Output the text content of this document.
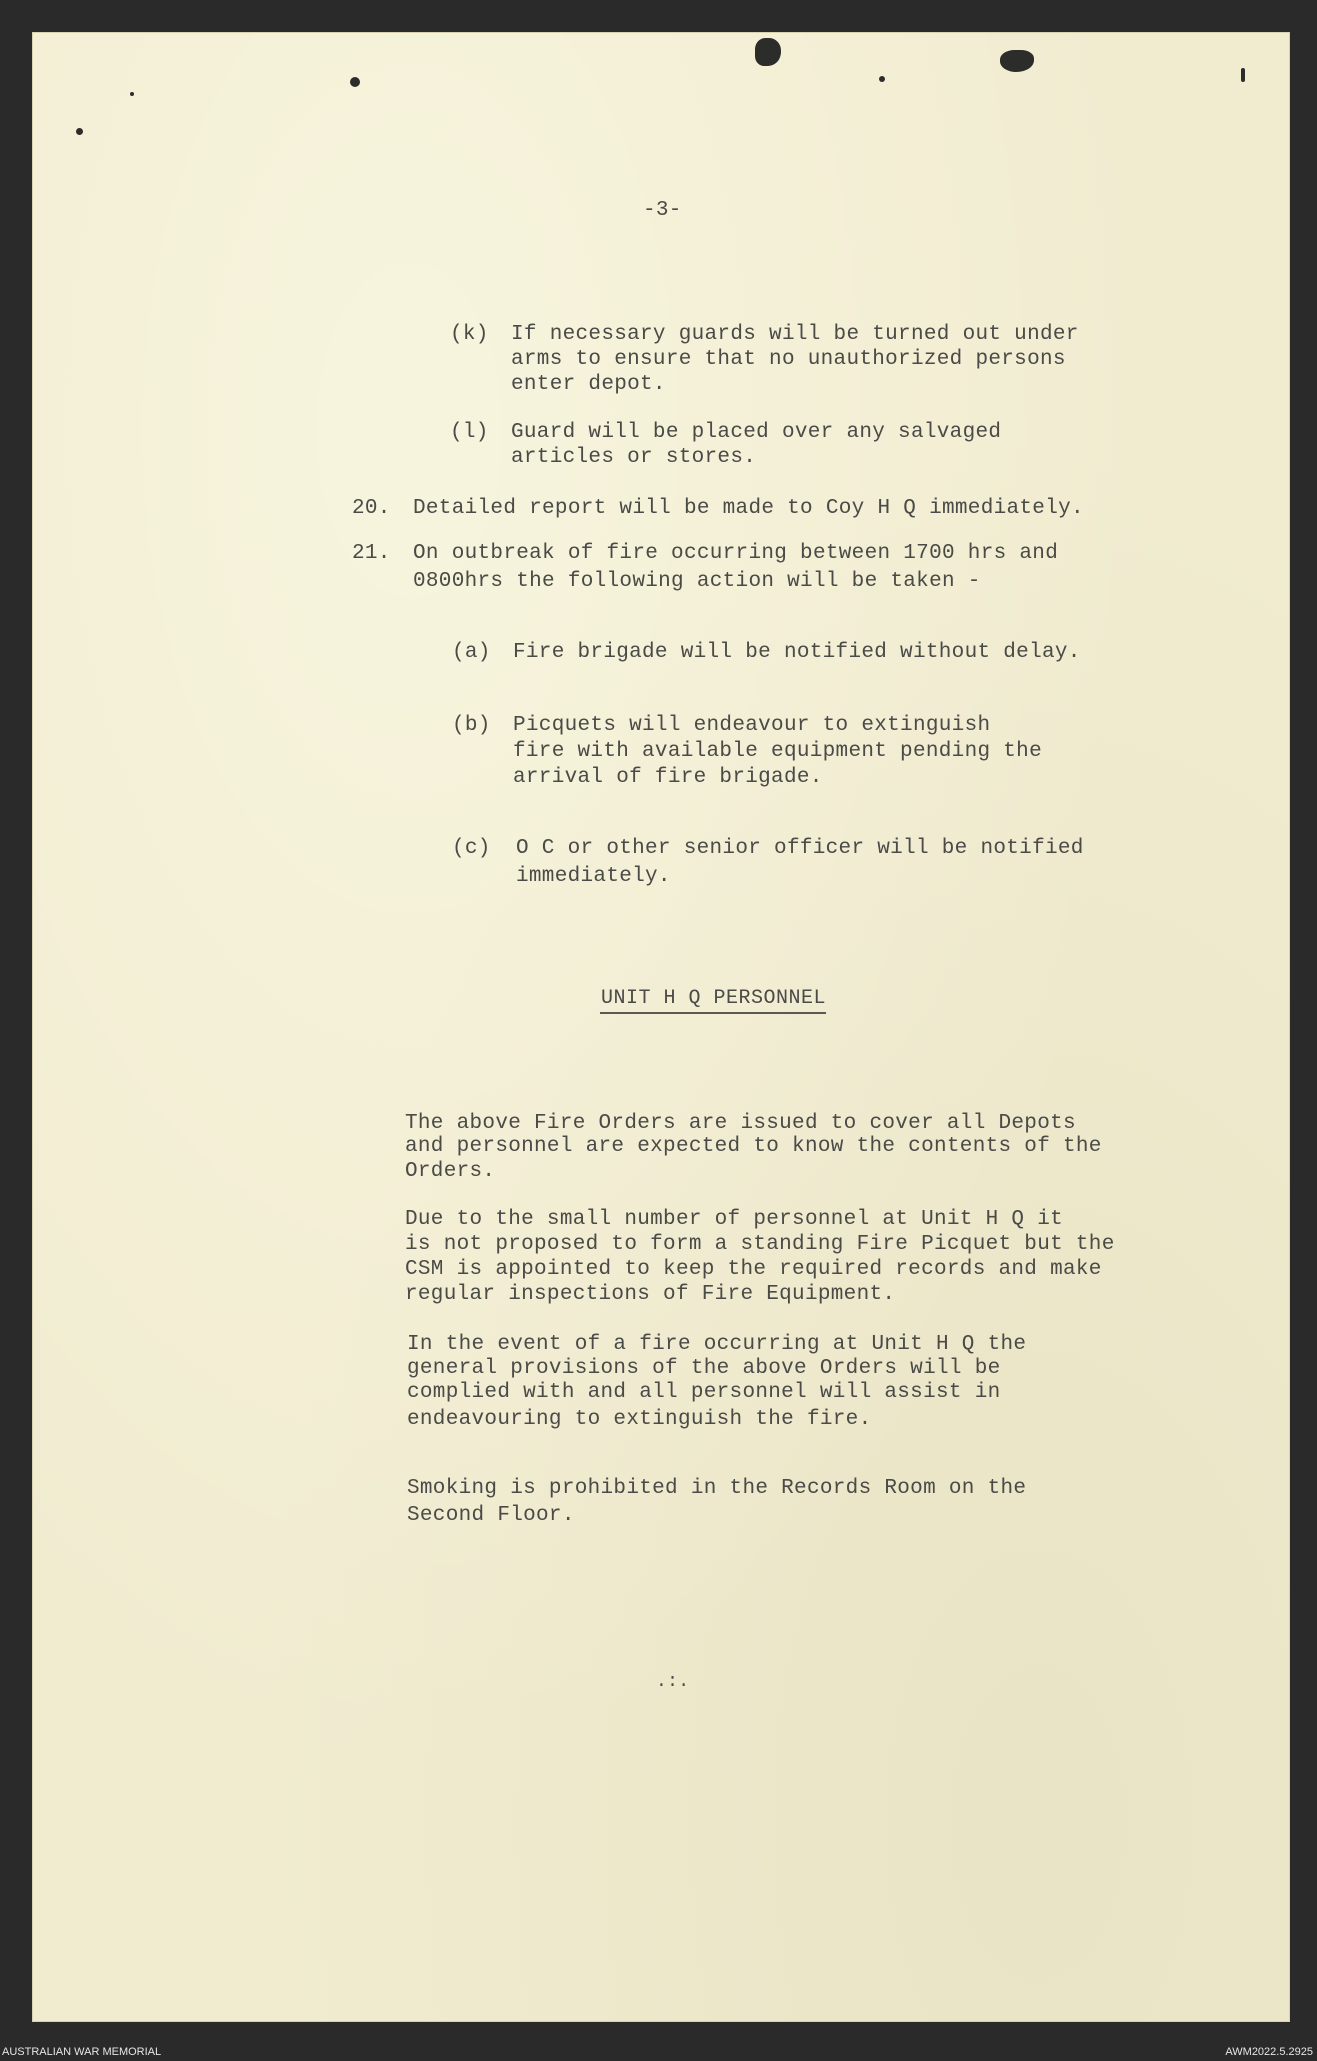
-3-
(k) If necessary guards will be turned out under
arms to ensure that no unauthorized persons
enter depot.
(l) Guard will be placed over any salvaged
articles or stores.
20. Detailed report will be made to Coy H Q immediately.
21. On outbreak of fire occurring between 1700 hrs and
0800hrs the following action will be taken -
(a) Fire brigade will be notified without delay.
(b) Picquets will endeavour to extinguish
fire with available equipment pending the
arrival of fire brigade.
(c) O C or other senior officer will be notified
immediately.
UNIT H Q PERSONNEL
The above Fire Orders are issued to cover all Depots
and personnel are expected to know the contents of the
Orders.
Due to the small number of personnel at Unit H Q it
is not proposed to form a standing Fire Picquet but the
CSM is appointed to keep the required records and make
regular inspections of Fire Equipment.
In the event of a fire occurring at Unit H Q the
general provisions of the above Orders will be
complied with and all personnel will assist in
endeavouring to extinguish the fire.
Smoking is prohibited in the Records Room on the
Second Floor.
.:.
AUSTRALIAN WAR MEMORIAL	AWM2022.5.2925
